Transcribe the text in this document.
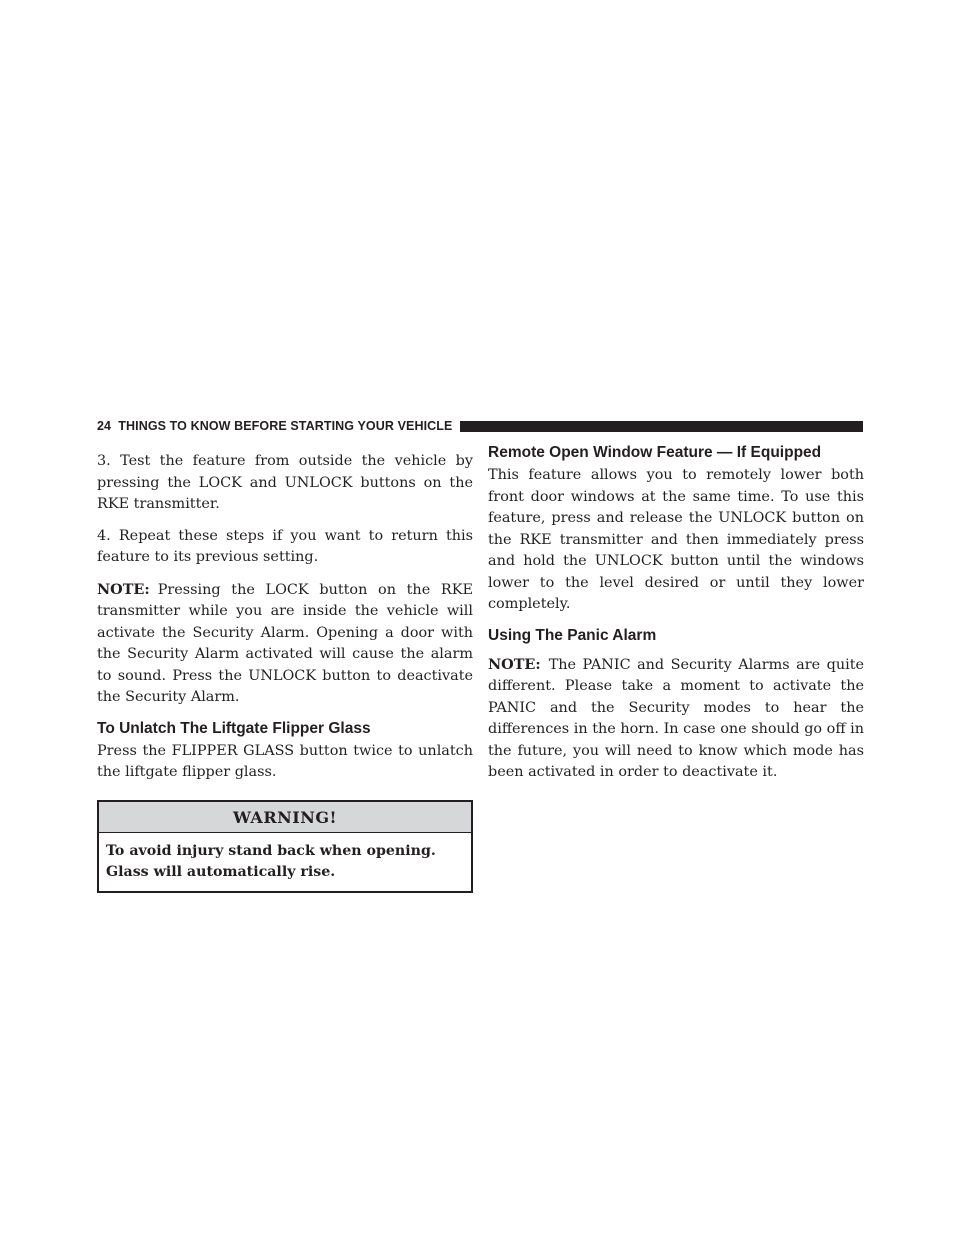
24 THINGS TO KNOW BEFORE STARTING YOUR VEHICLE

3. Test the feature from outside the vehicle by pressing the LOCK and UNLOCK buttons on the RKE transmitter.

4. Repeat these steps if you want to return this feature to its previous setting.

NOTE: Pressing the LOCK button on the RKE transmitter while you are inside the vehicle will activate the Security Alarm. Opening a door with the Security Alarm activated will cause the alarm to sound. Press the UNLOCK button to deactivate the Security Alarm.

To Unlatch The Liftgate Flipper Glass

Press the FLIPPER GLASS button twice to unlatch the liftgate flipper glass.

WARNING!
To avoid injury stand back when opening. Glass will automatically rise.
Remote Open Window Feature — If Equipped

This feature allows you to remotely lower both front door windows at the same time. To use this feature, press and release the UNLOCK button on the RKE transmitter and then immediately press and hold the UNLOCK button until the windows lower to the level desired or until they lower completely.

Using The Panic Alarm

NOTE: The PANIC and Security Alarms are quite different. Please take a moment to activate the PANIC and the Security modes to hear the differences in the horn. In case one should go off in the future, you will need to know which mode has been activated in order to deactivate it.
